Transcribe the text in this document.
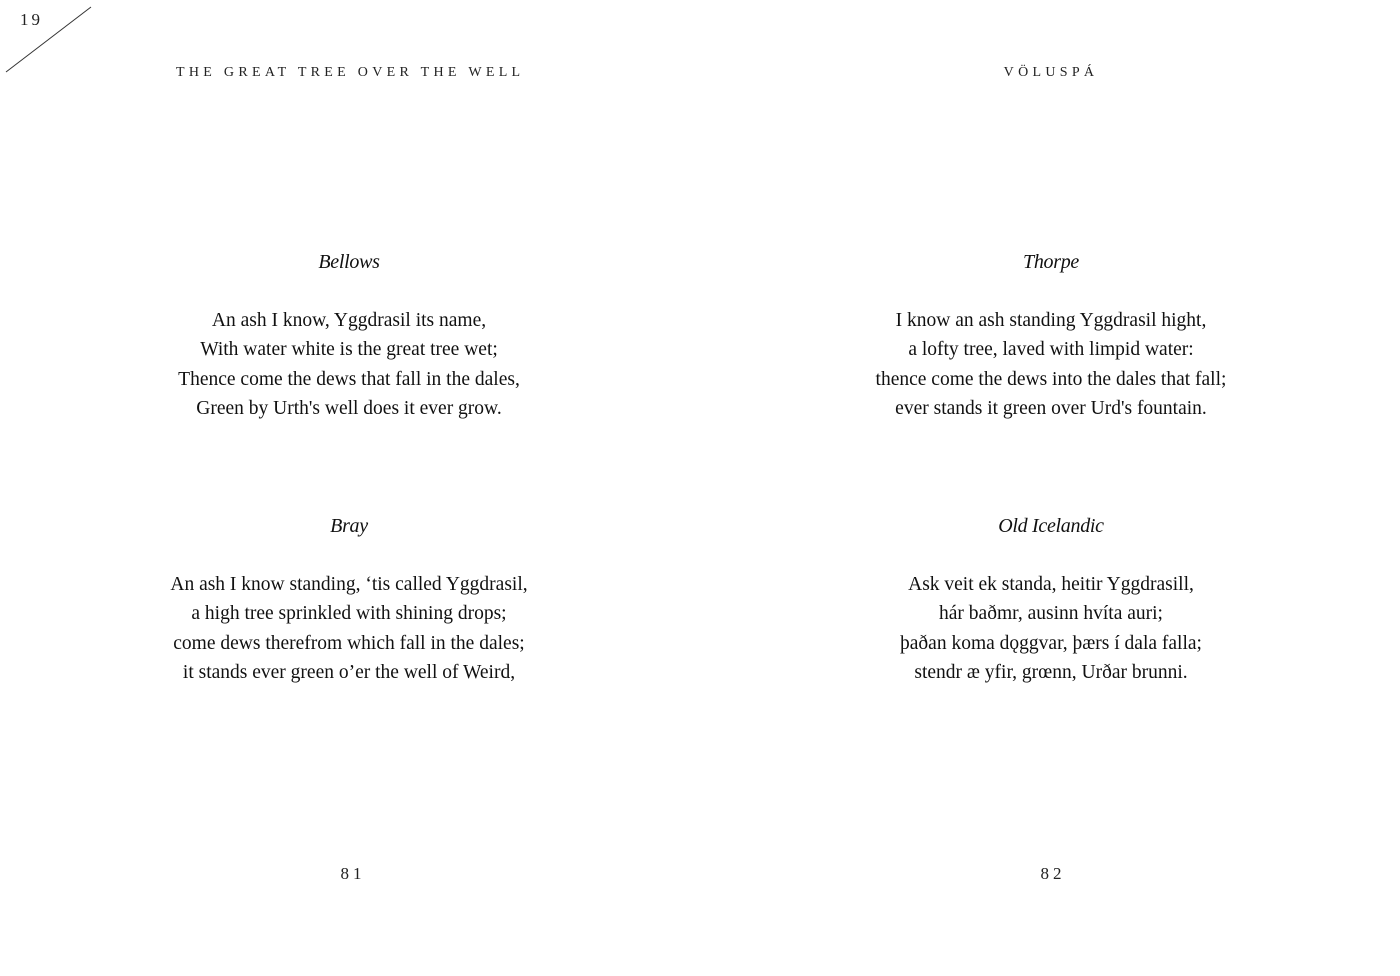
19
THE GREAT TREE OVER THE WELL
Bellows
An ash I know, Yggdrasil its name,
With water white is the great tree wet;
Thence come the dews that fall in the dales,
Green by Urth's well does it ever grow.
Bray
An ash I know standing, ‘tis called Yggdrasil,
a high tree sprinkled with shining drops;
come dews therefrom which fall in the dales;
it stands ever green o’er the well of Weird,
81
VÖLUSPÁ
Thorpe
I know an ash standing Yggdrasil hight,
a lofty tree, laved with limpid water:
thence come the dews into the dales that fall;
ever stands it green over Urd's fountain.
Old Icelandic
Ask veit ek standa, heitir Yggdrasill,
hár baðmr, ausinn hvíta auri;
þaðan koma dǫggvar, þærs í dala falla;
stendr æ yfir, grœnn, Urðar brunni.
82
